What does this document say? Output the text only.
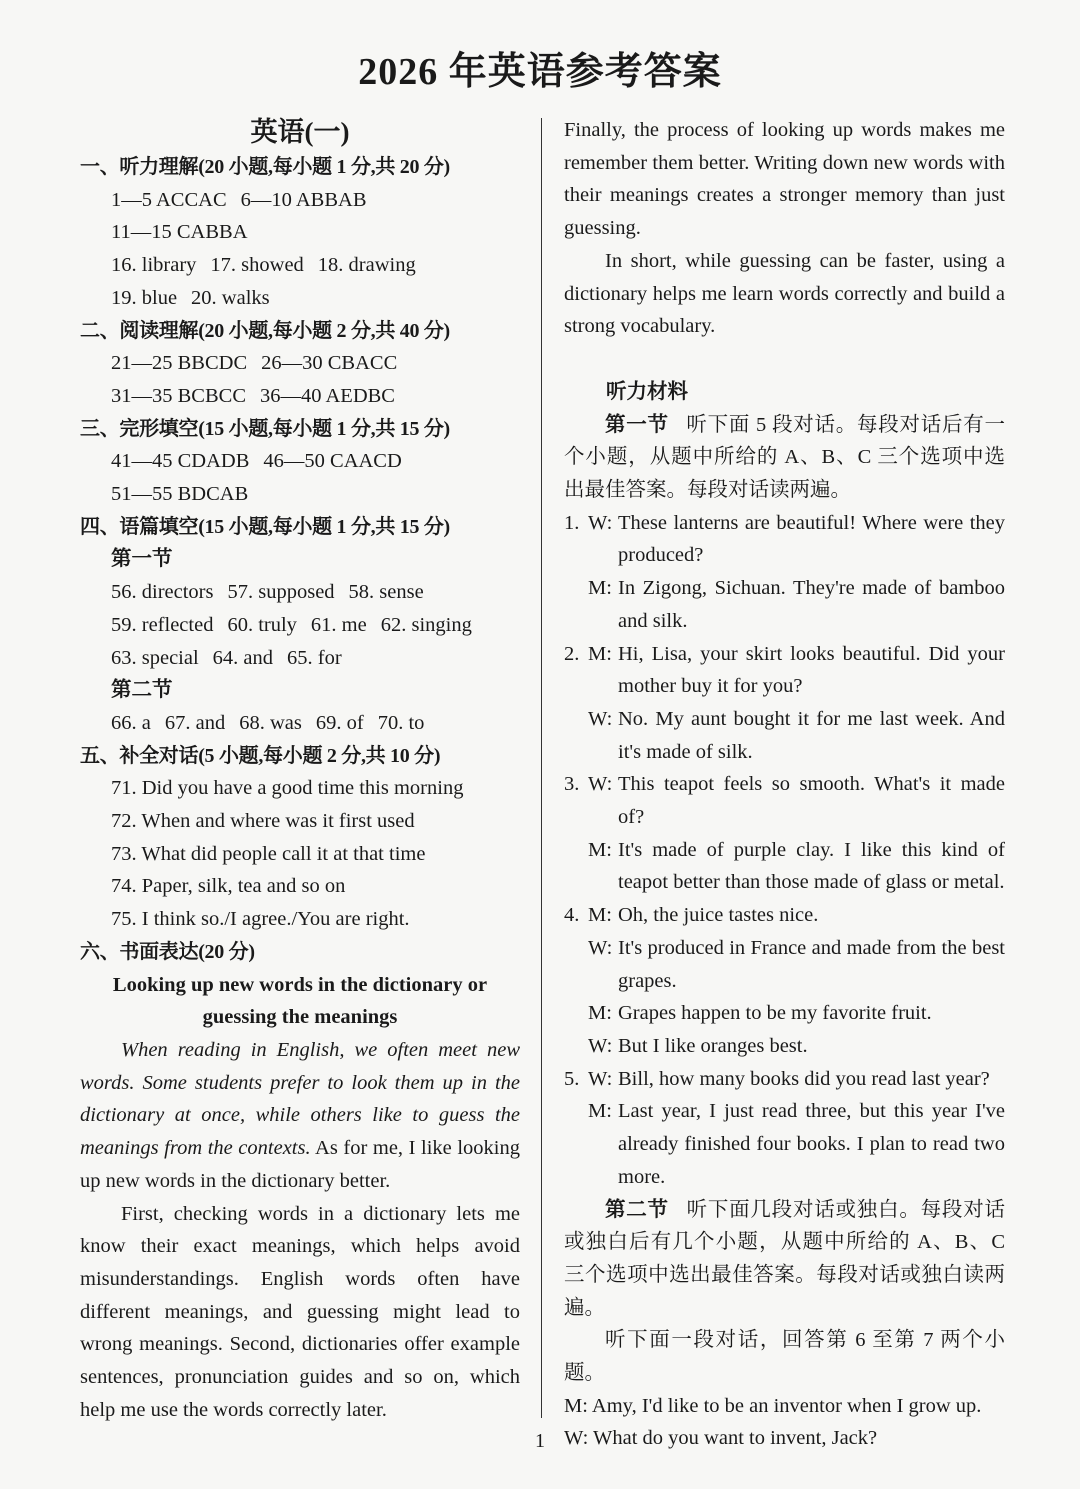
2026 年英语参考答案
英语(一)
一、听力理解(20 小题,每小题 1 分,共 20 分)
1—5 ACCAC 6—10 ABBAB
11—15 CABBA
16. library 17. showed 18. drawing
19. blue 20. walks
二、阅读理解(20 小题,每小题 2 分,共 40 分)
21—25 BBCDC 26—30 CBACC
31—35 BCBCC 36—40 AEDBC
三、完形填空(15 小题,每小题 1 分,共 15 分)
41—45 CDADB 46—50 CAACD
51—55 BDCAB
四、语篇填空(15 小题,每小题 1 分,共 15 分)
第一节
56. directors 57. supposed 58. sense
59. reflected 60. truly 61. me 62. singing
63. special 64. and 65. for
第二节
66. a 67. and 68. was 69. of 70. to
五、补全对话(5 小题,每小题 2 分,共 10 分)
71. Did you have a good time this morning
72. When and where was it first used
73. What did people call it at that time
74. Paper, silk, tea and so on
75. I think so./I agree./You are right.
六、书面表达(20 分)
Looking up new words in the dictionary or guessing the meanings
When reading in English, we often meet new words. Some students prefer to look them up in the dictionary at once, while others like to guess the meanings from the contexts. As for me, I like looking up new words in the dictionary better.
First, checking words in a dictionary lets me know their exact meanings, which helps avoid misunderstandings. English words often have different meanings, and guessing might lead to wrong meanings. Second, dictionaries offer example sentences, pronunciation guides and so on, which help me use the words correctly later.
Finally, the process of looking up words makes me remember them better. Writing down new words with their meanings creates a stronger memory than just guessing.
In short, while guessing can be faster, using a dictionary helps me learn words correctly and build a strong vocabulary.
听力材料
第一节 听下面 5 段对话。每段对话后有一个小题，从题中所给的 A、B、C 三个选项中选出最佳答案。每段对话读两遍。
1. W: These lanterns are beautiful! Where were they produced?
M: In Zigong, Sichuan. They're made of bamboo and silk.
2. M: Hi, Lisa, your skirt looks beautiful. Did your mother buy it for you?
W: No. My aunt bought it for me last week. And it's made of silk.
3. W: This teapot feels so smooth. What's it made of?
M: It's made of purple clay. I like this kind of teapot better than those made of glass or metal.
4. M: Oh, the juice tastes nice.
W: It's produced in France and made from the best grapes.
M: Grapes happen to be my favorite fruit.
W: But I like oranges best.
5. W: Bill, how many books did you read last year?
M: Last year, I just read three, but this year I've already finished four books. I plan to read two more.
第二节 听下面几段对话或独白。每段对话或独白后有几个小题，从题中所给的 A、B、C 三个选项中选出最佳答案。每段对话或独白读两遍。
听下面一段对话，回答第 6 至第 7 两个小题。
M: Amy, I'd like to be an inventor when I grow up.
W: What do you want to invent, Jack?
1
